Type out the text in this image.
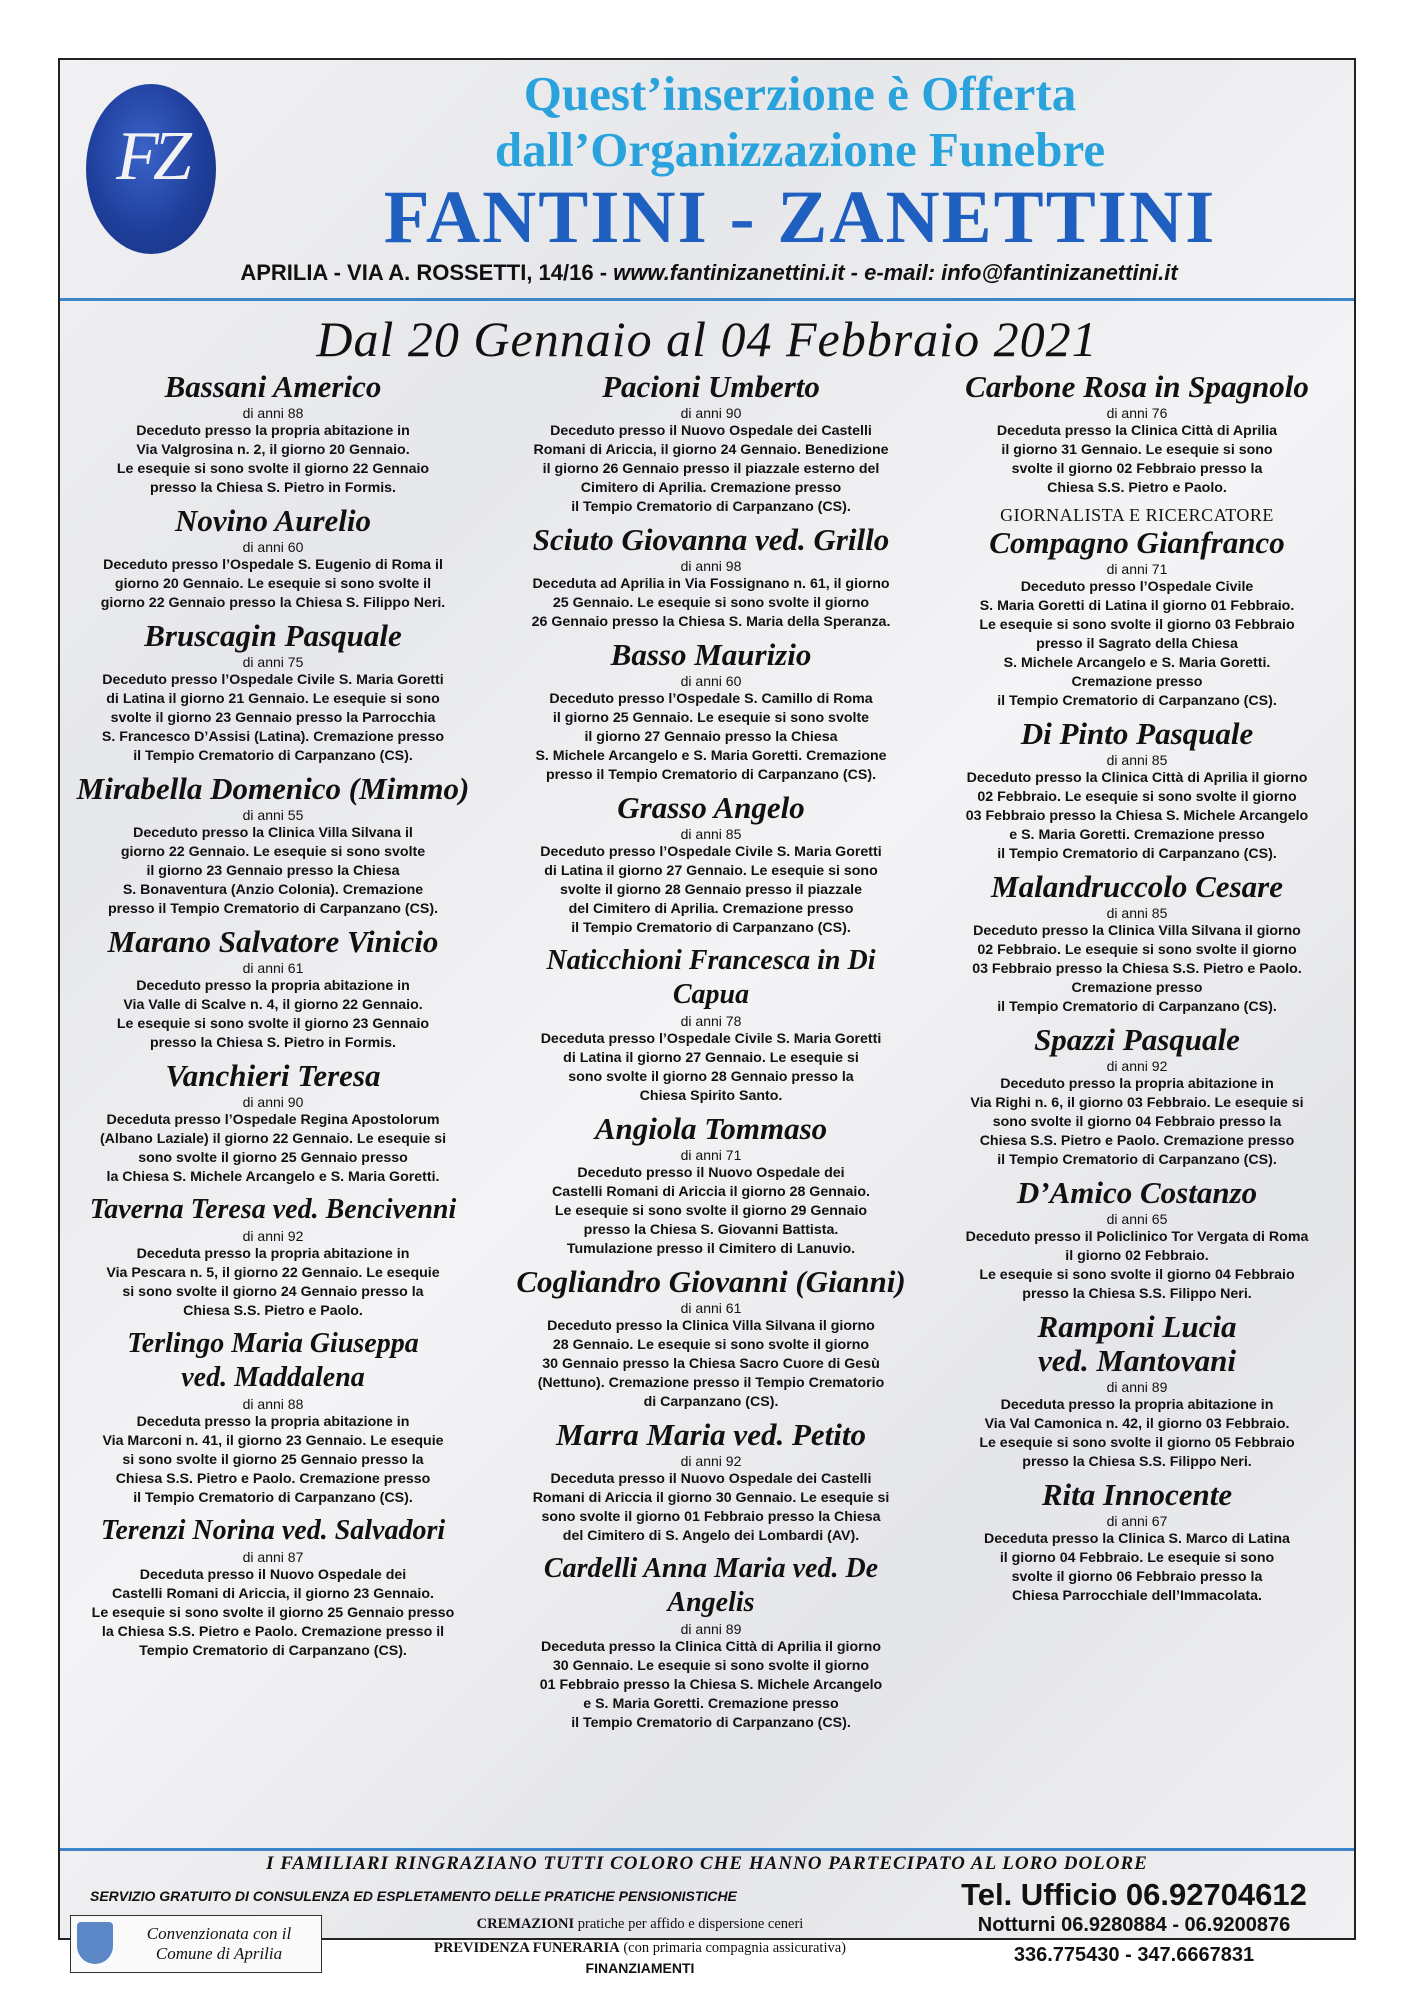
FZ
Quest’inserzione è Offerta
dall’Organizzazione Funebre
FANTINI - ZANETTINI
APRILIA - VIA A. ROSSETTI, 14/16 - www.fantinizanettini.it - e-mail: info@fantinizanettini.it
Dal 20 Gennaio al 04 Febbraio 2021
Bassani Americo
di anni 88
Deceduto presso la propria abitazione in
Via Valgrosina n. 2, il giorno 20 Gennaio.
Le esequie si sono svolte il giorno 22 Gennaio
presso la Chiesa S. Pietro in Formis.
Novino Aurelio
di anni 60
Deceduto presso l’Ospedale S. Eugenio di Roma il
giorno 20 Gennaio. Le esequie si sono svolte il
giorno 22 Gennaio presso la Chiesa S. Filippo Neri.
Bruscagin Pasquale
di anni 75
Deceduto presso l’Ospedale Civile S. Maria Goretti
di Latina il giorno 21 Gennaio. Le esequie si sono
svolte il giorno 23 Gennaio presso la Parrocchia
S. Francesco D’Assisi (Latina). Cremazione presso
il Tempio Crematorio di Carpanzano (CS).
Mirabella Domenico (Mimmo)
di anni 55
Deceduto presso la Clinica Villa Silvana il
giorno 22 Gennaio. Le esequie si sono svolte
il giorno 23 Gennaio presso la Chiesa
S. Bonaventura (Anzio Colonia). Cremazione
presso il Tempio Crematorio di Carpanzano (CS).
Marano Salvatore Vinicio
di anni 61
Deceduto presso la propria abitazione in
Via Valle di Scalve n. 4, il giorno 22 Gennaio.
Le esequie si sono svolte il giorno 23 Gennaio
presso la Chiesa S. Pietro in Formis.
Vanchieri Teresa
di anni 90
Deceduta presso l’Ospedale Regina Apostolorum
(Albano Laziale) il giorno 22 Gennaio. Le esequie si
sono svolte il giorno 25 Gennaio presso
la Chiesa S. Michele Arcangelo e S. Maria Goretti.
Taverna Teresa ved. Bencivenni
di anni 92
Deceduta presso la propria abitazione in
Via Pescara n. 5, il giorno 22 Gennaio. Le esequie
si sono svolte il giorno 24 Gennaio presso la
Chiesa S.S. Pietro e Paolo.
Terlingo Maria Giuseppa
ved. Maddalena
di anni 88
Deceduta presso la propria abitazione in
Via Marconi n. 41, il giorno 23 Gennaio. Le esequie
si sono svolte il giorno 25 Gennaio presso la
Chiesa S.S. Pietro e Paolo. Cremazione presso
il Tempio Crematorio di Carpanzano (CS).
Terenzi Norina ved. Salvadori
di anni 87
Deceduta presso il Nuovo Ospedale dei
Castelli Romani di Ariccia, il giorno 23 Gennaio.
Le esequie si sono svolte il giorno 25 Gennaio presso
la Chiesa S.S. Pietro e Paolo. Cremazione presso il
Tempio Crematorio di Carpanzano (CS).
Pacioni Umberto
di anni 90
Deceduto presso il Nuovo Ospedale dei Castelli
Romani di Ariccia, il giorno 24 Gennaio. Benedizione
il giorno 26 Gennaio presso il piazzale esterno del
Cimitero di Aprilia. Cremazione presso
il Tempio Crematorio di Carpanzano (CS).
Sciuto Giovanna ved. Grillo
di anni 98
Deceduta ad Aprilia in Via Fossignano n. 61, il giorno
25 Gennaio. Le esequie si sono svolte il giorno
26 Gennaio presso la Chiesa S. Maria della Speranza.
Basso Maurizio
di anni 60
Deceduto presso l’Ospedale S. Camillo di Roma
il giorno 25 Gennaio. Le esequie si sono svolte
il giorno 27 Gennaio presso la Chiesa
S. Michele Arcangelo e S. Maria Goretti. Cremazione
presso il Tempio Crematorio di Carpanzano (CS).
Grasso Angelo
di anni 85
Deceduto presso l’Ospedale Civile S. Maria Goretti
di Latina il giorno 27 Gennaio. Le esequie si sono
svolte il giorno 28 Gennaio presso il piazzale
del Cimitero di Aprilia. Cremazione presso
il Tempio Crematorio di Carpanzano (CS).
Naticchioni Francesca in Di Capua
di anni 78
Deceduta presso l’Ospedale Civile S. Maria Goretti
di Latina il giorno 27 Gennaio. Le esequie si
sono svolte il giorno 28 Gennaio presso la
Chiesa Spirito Santo.
Angiola Tommaso
di anni 71
Deceduto presso il Nuovo Ospedale dei
Castelli Romani di Ariccia il giorno 28 Gennaio.
Le esequie si sono svolte il giorno 29 Gennaio
presso la Chiesa S. Giovanni Battista.
Tumulazione presso il Cimitero di Lanuvio.
Cogliandro Giovanni (Gianni)
di anni 61
Deceduto presso la Clinica Villa Silvana il giorno
28 Gennaio. Le esequie si sono svolte il giorno
30 Gennaio presso la Chiesa Sacro Cuore di Gesù
(Nettuno). Cremazione presso il Tempio Crematorio
di Carpanzano (CS).
Marra Maria ved. Petito
di anni 92
Deceduta presso il Nuovo Ospedale dei Castelli
Romani di Ariccia il giorno 30 Gennaio. Le esequie si
sono svolte il giorno 01 Febbraio presso la Chiesa
del Cimitero di S. Angelo dei Lombardi (AV).
Cardelli Anna Maria ved. De Angelis
di anni 89
Deceduta presso la Clinica Città di Aprilia il giorno
30 Gennaio. Le esequie si sono svolte il giorno
01 Febbraio presso la Chiesa S. Michele Arcangelo
e S. Maria Goretti. Cremazione presso
il Tempio Crematorio di Carpanzano (CS).
Carbone Rosa in Spagnolo
di anni 76
Deceduta presso la Clinica Città di Aprilia
il giorno 31 Gennaio. Le esequie si sono
svolte il giorno 02 Febbraio presso la
Chiesa S.S. Pietro e Paolo.
GIORNALISTA E RICERCATORE
Compagno Gianfranco
di anni 71
Deceduto presso l’Ospedale Civile
S. Maria Goretti di Latina il giorno 01 Febbraio.
Le esequie si sono svolte il giorno 03 Febbraio
presso il Sagrato della Chiesa
S. Michele Arcangelo e S. Maria Goretti.
Cremazione presso
il Tempio Crematorio di Carpanzano (CS).
Di Pinto Pasquale
di anni 85
Deceduto presso la Clinica Città di Aprilia il giorno
02 Febbraio. Le esequie si sono svolte il giorno
03 Febbraio presso la Chiesa S. Michele Arcangelo
e S. Maria Goretti. Cremazione presso
il Tempio Crematorio di Carpanzano (CS).
Malandruccolo Cesare
di anni 85
Deceduto presso la Clinica Villa Silvana il giorno
02 Febbraio. Le esequie si sono svolte il giorno
03 Febbraio presso la Chiesa S.S. Pietro e Paolo.
Cremazione presso
il Tempio Crematorio di Carpanzano (CS).
Spazzi Pasquale
di anni 92
Deceduto presso la propria abitazione in
Via Righi n. 6, il giorno 03 Febbraio. Le esequie si
sono svolte il giorno 04 Febbraio presso la
Chiesa S.S. Pietro e Paolo. Cremazione presso
il Tempio Crematorio di Carpanzano (CS).
D’Amico Costanzo
di anni 65
Deceduto presso il Policlinico Tor Vergata di Roma
il giorno 02 Febbraio.
Le esequie si sono svolte il giorno 04 Febbraio
presso la Chiesa S.S. Filippo Neri.
Ramponi Lucia
ved. Mantovani
di anni 89
Deceduta presso la propria abitazione in
Via Val Camonica n. 42, il giorno 03 Febbraio.
Le esequie si sono svolte il giorno 05 Febbraio
presso la Chiesa S.S. Filippo Neri.
Rita Innocente
di anni 67
Deceduta presso la Clinica S. Marco di Latina
il giorno 04 Febbraio. Le esequie si sono
svolte il giorno 06 Febbraio presso la
Chiesa Parrocchiale dell’Immacolata.
I FAMILIARI RINGRAZIANO TUTTI COLORO CHE HANNO PARTECIPATO AL LORO DOLORE
SERVIZIO GRATUITO DI CONSULENZA ED ESPLETAMENTO DELLE PRATICHE PENSIONISTICHE
Convenzionata con il
Comune di Aprilia
CREMAZIONI pratiche per affido e dispersione ceneri
PREVIDENZA FUNERARIA (con primaria compagnia assicurativa)
FINANZIAMENTI
Tel. Ufficio 06.92704612
Notturni 06.9280884 - 06.9200876
336.775430 - 347.6667831
